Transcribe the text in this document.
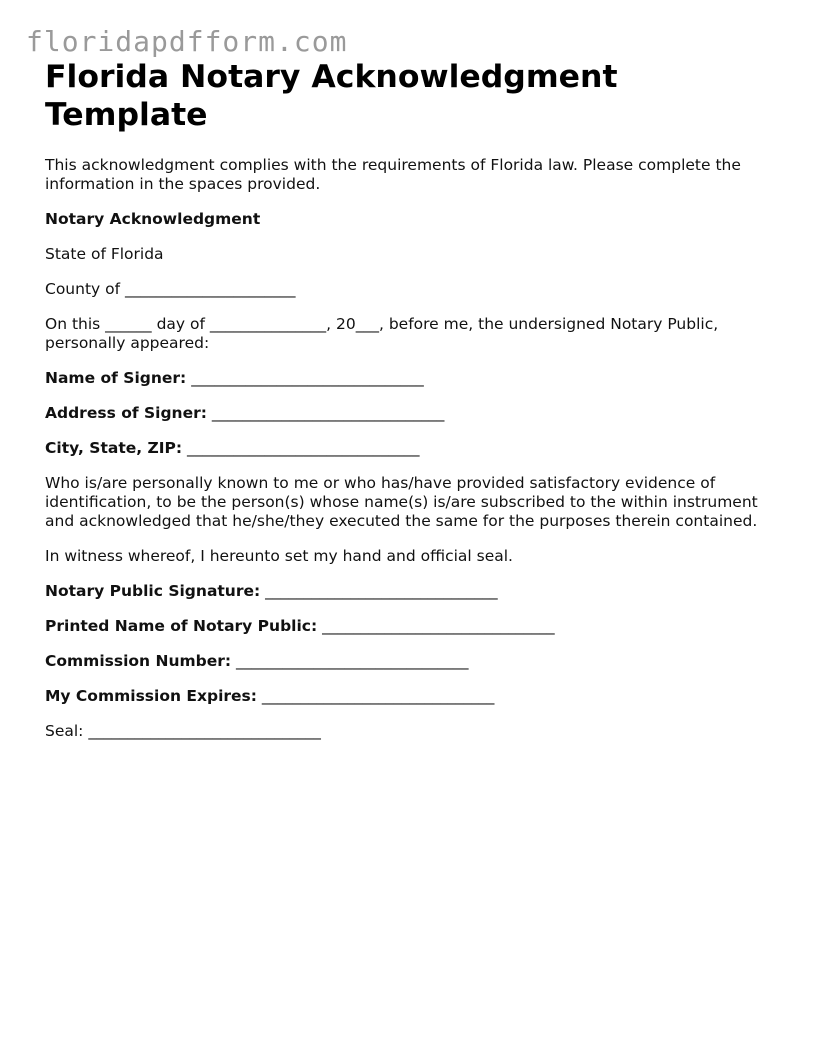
floridapdfform.com
Florida Notary Acknowledgment Template

This acknowledgment complies with the requirements of Florida law. Please complete the information in the spaces provided.

Notary Acknowledgment

State of Florida

County of ______________________

On this ______ day of _______________, 20___, before me, the undersigned Notary Public, personally appeared:

Name of Signer: ______________________________

Address of Signer: ______________________________

City, State, ZIP: ______________________________

Who is/are personally known to me or who has/have provided satisfactory evidence of identification, to be the person(s) whose name(s) is/are subscribed to the within instrument and acknowledged that he/she/they executed the same for the purposes therein contained.

In witness whereof, I hereunto set my hand and official seal.

Notary Public Signature: ______________________________

Printed Name of Notary Public: ______________________________

Commission Number: ______________________________

My Commission Expires: ______________________________

Seal: ______________________________
